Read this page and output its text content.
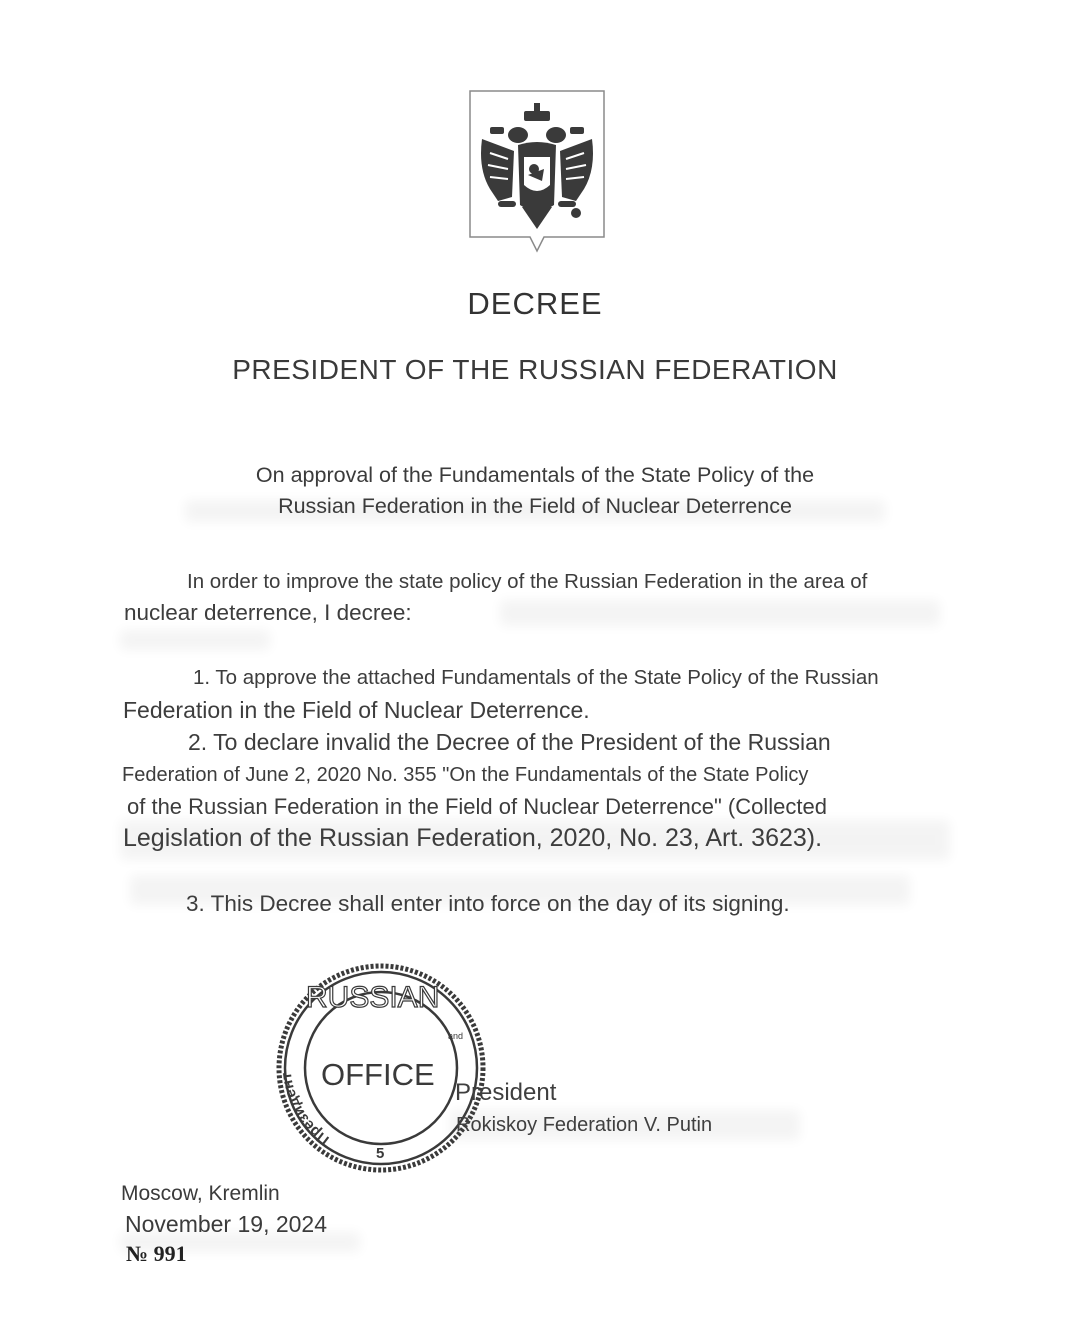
DECREE
PRESIDENT OF THE RUSSIAN FEDERATION
On approval of the Fundamentals of the State Policy of the
Russian Federation in the Field of Nuclear Deterrence
In order to improve the state policy of the Russian Federation in the area of
nuclear deterrence, I decree:
1. To approve the attached Fundamentals of the State Policy of the Russian
Federation in the Field of Nuclear Deterrence.
2. To declare invalid the Decree of the President of the Russian
Federation of June 2, 2020 No. 355 "On the Fundamentals of the State Policy
of the Russian Federation in the Field of Nuclear Deterrence" (Collected
Legislation of the Russian Federation, 2020, No. 23, Art. 3623).
3. This Decree shall enter into force on the day of its signing.
Президент
5
RUSSIAN
OFFICE
and
President
Rokiskoy Federation V. Putin
Moscow, Kremlin
November 19, 2024
№ 991
